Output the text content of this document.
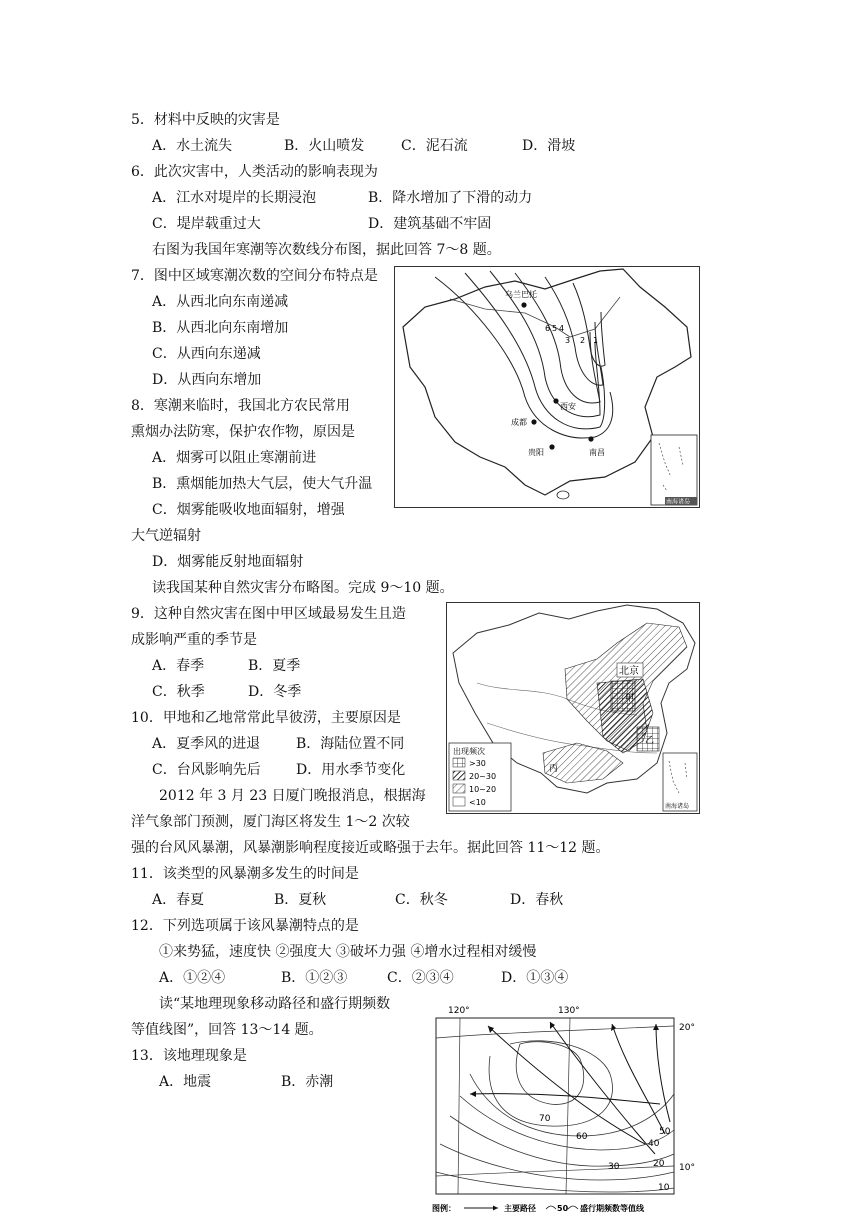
5．材料中反映的灾害是
A．水土流失	B．火山喷发	C．泥石流	D．滑坡
6．此次灾害中，人类活动的影响表现为
A．江水对堤岸的长期浸泡	B．降水增加了下滑的动力
C．堤岸载重过大	D．建筑基础不牢固
右图为我国年寒潮等次数线分布图，据此回答 7～8 题。
7．图中区域寒潮次数的空间分布特点是
A．从西北向东南递减
B．从西北向东南增加
C．从西向东递减
D．从西向东增加
8．寒潮来临时，我国北方农民常用
熏烟办法防寒，保护农作物，原因是
A．烟雾可以阻止寒潮前进
B．熏烟能加热大气层，使大气升温
C．烟雾能吸收地面辐射，增强
大气逆辐射
D．烟雾能反射地面辐射
读我国某种自然灾害分布略图。完成 9～10 题。
9．这种自然灾害在图中甲区域最易发生且造
成影响严重的季节是
A．春季	B．夏季
C．秋季	D．冬季
10．甲地和乙地常常此旱彼涝，主要原因是
A．夏季风的进退	B．海陆位置不同
C．台风影响先后	D．用水季节变化
2012 年 3 月 23 日厦门晚报消息，根据海
洋气象部门预测，厦门海区将发生 1～2 次较
强的台风风暴潮，风暴潮影响程度接近或略强于去年。据此回答 11～12 题。
11．该类型的风暴潮多发生的时间是
A．春夏	B．夏秋	C．秋冬	D．春秋
12．下列选项属于该风暴潮特点的是
①来势猛，速度快 ②强度大 ③破坏力强 ④增水过程相对缓慢
A．①②④	B．①②③	C．②③④	D．①③④
读“某地理现象移动路径和盛行期频数
等值线图”，回答 13～14 题。
13．该地理现象是
A．地震	B．赤潮
6 5 4
3 2 1
乌兰巴托
西安
成都
贵阳	南昌
南海诸岛
北京
甲
乙
丙
出现频次
>30
20~30
10~20
<10	南海诸岛
120°	130°
20°
10°
70
60	50
40
30	20
10
图例：	主要路径	50 盛行期频数等值线
